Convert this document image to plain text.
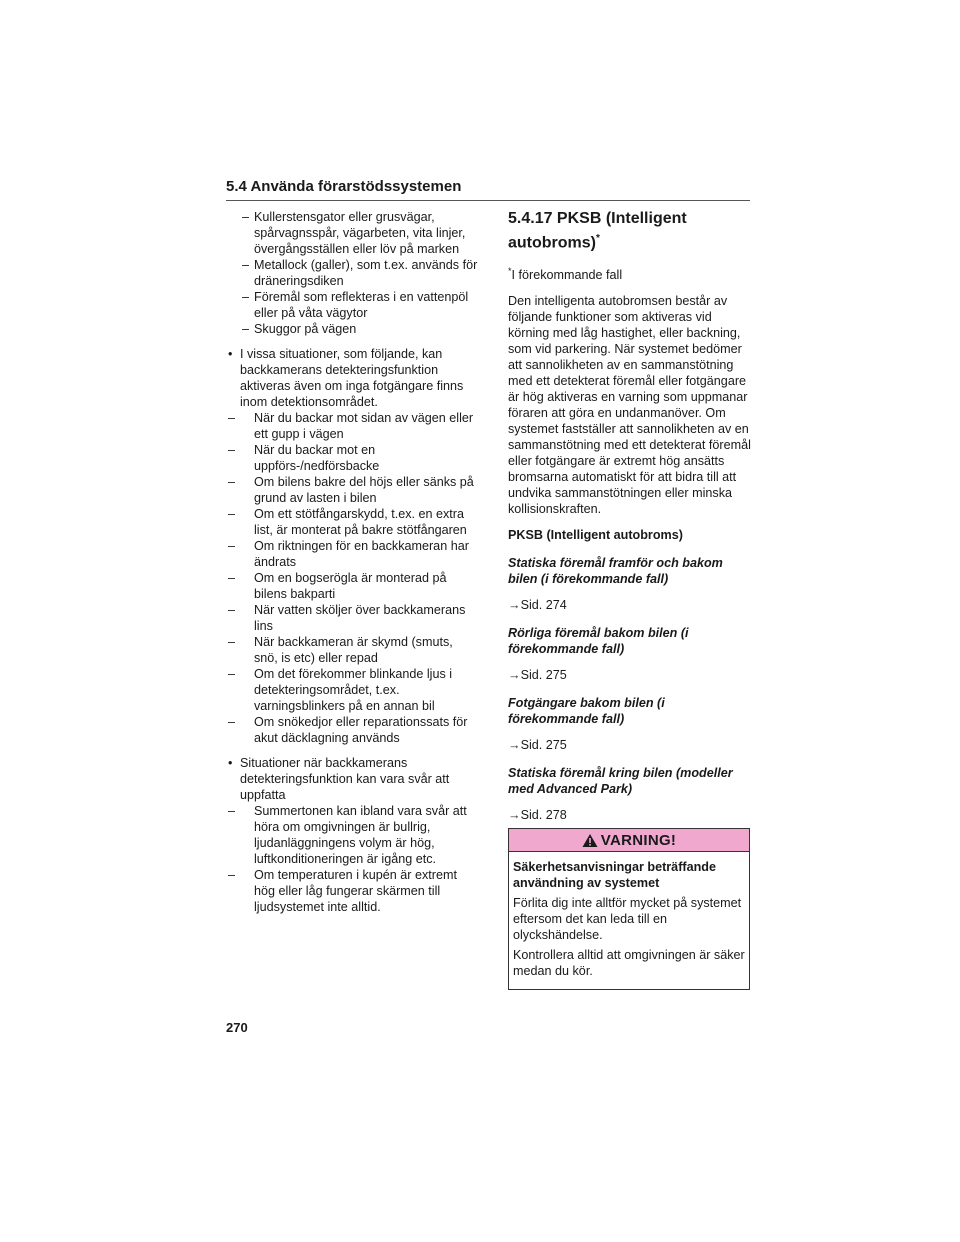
5.4 Använda förarstödssystemen
– Kullerstensgator eller grusvägar, spårvagnsspår, vägarbeten, vita linjer, övergångsställen eller löv på marken
– Metallock (galler), som t.ex. används för dräneringsdiken
– Föremål som reflekteras i en vattenpöl eller på våta vägytor
– Skuggor på vägen
• I vissa situationer, som följande, kan backkamerans detekteringsfunktion aktiveras även om inga fotgängare finns inom detektionsområdet.
– När du backar mot sidan av vägen eller ett gupp i vägen
– När du backar mot en uppförs-/nedförsbacke
– Om bilens bakre del höjs eller sänks på grund av lasten i bilen
– Om ett stötfångarskydd, t.ex. en extra list, är monterat på bakre stötfångaren
– Om riktningen för en backkameran har ändrats
– Om en bogserögla är monterad på bilens bakparti
– När vatten sköljer över backkamerans lins
– När backkameran är skymd (smuts, snö, is etc) eller repad
– Om det förekommer blinkande ljus i detekteringsområdet, t.ex. varningsblinkers på en annan bil
– Om snökedjor eller reparationssats för akut däcklagning används
• Situationer när backkamerans detekteringsfunktion kan vara svår att uppfatta
– Summertonen kan ibland vara svår att höra om omgivningen är bullrig, ljudanläggningens volym är hög, luftkonditioneringen är igång etc.
– Om temperaturen i kupén är extremt hög eller låg fungerar skärmen till ljudsystemet inte alltid.
5.4.17 PKSB (Intelligent autobroms)*
*I förekommande fall
Den intelligenta autobromsen består av följande funktioner som aktiveras vid körning med låg hastighet, eller backning, som vid parkering. När systemet bedömer att sannolikheten av en sammanstötning med ett detekterat föremål eller fotgängare är hög aktiveras en varning som uppmanar föraren att göra en undanmanöver. Om systemet fastställer att sannolikheten av en sammanstötning med ett detekterat föremål eller fotgängare är extremt hög ansätts bromsarna automatiskt för att bidra till att undvika sammanstötningen eller minska kollisionskraften.
PKSB (Intelligent autobroms)
Statiska föremål framför och bakom bilen (i förekommande fall)
→Sid. 274
Rörliga föremål bakom bilen (i förekommande fall)
→Sid. 275
Fotgängare bakom bilen (i förekommande fall)
→Sid. 275
Statiska föremål kring bilen (modeller med Advanced Park)
→Sid. 278
VARNING!
Säkerhetsanvisningar beträffande användning av systemet
Förlita dig inte alltför mycket på systemet eftersom det kan leda till en olyckshändelse.
Kontrollera alltid att omgivningen är säker medan du kör.
270
